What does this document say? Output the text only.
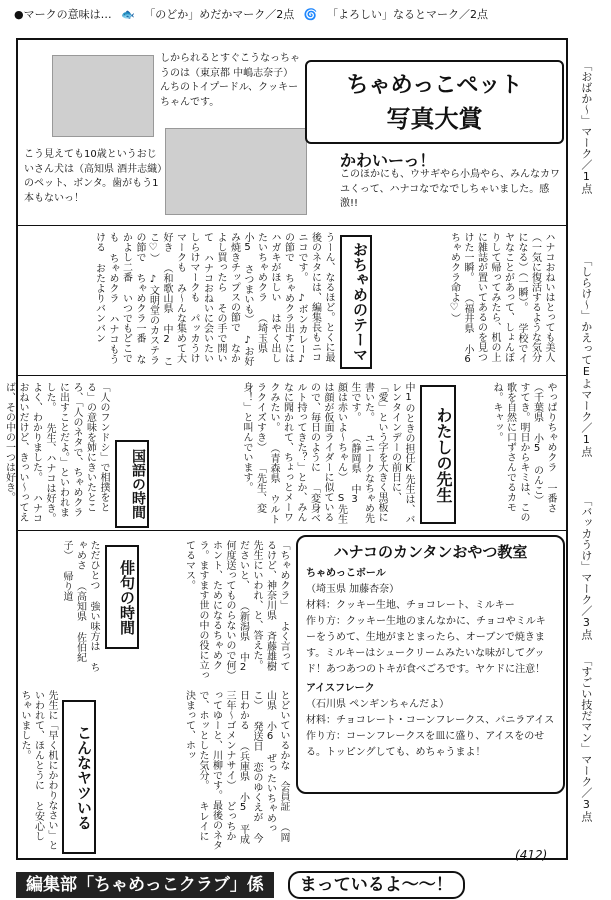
●マークの意味は… 🐟 「のどか」めだかマーク／2点 🌀 「よろしい」なるとマーク／2点
しかられるとすぐこうなっちゃうのは（東京都 中嶋志奈子）んちのトイプードル、クッキーちゃんです。
こう見えても10歳というおじいさん犬は（高知県 酒井志織）のペット、ボンタ。歯がもう1本もないっ！
ちゃめっこペット
写真大賞
かわいーっ！
このほかにも、ウサギやら小鳥やら、みんなカワユくって、ハナコなでなでしちゃいました。感激!!
「おばか〜」マーク／1点
「しらけ〜」かえってEよマーク／1点
「バッカうけ」マーク／3点
「すごい技だマン」マーク／3点
おちゃめのテーマ	ハナコおねいはとっても美人（一気に復活するような気分になる）（一瞬）。 学校でイヤなことがあって、しょんぼりして帰ってみたら、机の上に雑誌が置いてあるのを見つけた一瞬。 （福井県 小6 ちゃめクラ命よ♡）
うーん、なるほど。とくに最後のネタには、編集長もニコニコです。 ♪ボンカレー♪の節で ちゃめクラ出すには ハガキがほしい はやく出したいちゃめクラ （埼玉県 小5 さつまいも） ♪お好み焼きチップスの節で なかよし買ったら その手で開いて ハナコおねいに会いたい しらけマークも パッカうけマークも み〜んな集めて大好き （和歌山県 中2 ここ♡） ♪文明堂のカステラの節で ちゃめクラ一番 なかよし二番 いつでもどこでも ちゃめクラ ハナコもうける おたよりバンバン
わたしの先生	やっぱりちゃめクラ 一番さ （千葉県 小5 のんこ） すてき。明日からキミは、この歌を自然に口ずさんでるカモね。キャッ。
中1のときの担任K先生は、バレンタインデーの前日に、 「愛」という字を大きく黒板に書いた。 ユニークなちゃめ先生です。 （静岡県 中3 顔は赤いよ〜ちゃん） S先生は顔が仮面ライダーに似ているので、毎日のように 「変身ベルト持ってきた？」とか、みんなに聞かれて、ちょっとメーワクみたい。 （青森県 ウルトラクイズすき） 「先生、変身！」と叫んでいます。
国語の時間
「人のフンドシ」で相撲をとる」の意味を姉にきいたところ、「人のネタで、ちゃめクラに出すことだよ。」といわれました。 先生、ハナコは好き。 よく、わかりました。 ハナコおねいだけど、きっい〜ってえば、その中の一つは好き。
ハナコのカンタンおやつ教室
ちゃめっこボール
（埼玉県 加藤杏奈）
材料：クッキー生地、チョコレート、ミルキー
作り方：クッキー生地のまんなかに、チョコやミルキーをうめて、生地がまとまったら、オーブンで焼きます。ミルキーはシュークリームみたいな味がしてグッド！あつあつのトキが食べごろです。ヤケドに注意！
アイスフレーク
（石川県 ペンギンちゃんだよ）
材料：チョコレート・コーンフレークス、バニラアイス
作り方：コーンフレークスを皿に盛り、アイスをのせる。トッピングしても、めちゃうまよ！
俳句の時間	「ちゃめクラ」 よく言ってるけど、神奈川県 斉藤雄樹 先生にいわれ、と、答えた。 ださいと、 （新潟県 中2 何度送ってものらないので何） ホント、ためになるちゃめクラ。ますます世の中の役に立ってるマス。
ただひとつ 強い味方は ちゃめさ （高知県 佐伯紀子） 帰り道
こんなヤツいる
先生に「早く机にかわりなさい」といわれて、ほんとうに と安心しちゃいました。	とどいているかな 会員証 （岡山県 小6 ぜったいちゃめっこ） 発送日 恋のゆくえが 今日わかる （兵庫県 小5 平成三年〜ゴメンナサイ） どっちかってゆーと、川柳です。最後のネタで、ホッとした気分。 キレイに決まって、ホッ
(412)
編集部「ちゃめっこクラブ」係 まっているよ〜〜！
